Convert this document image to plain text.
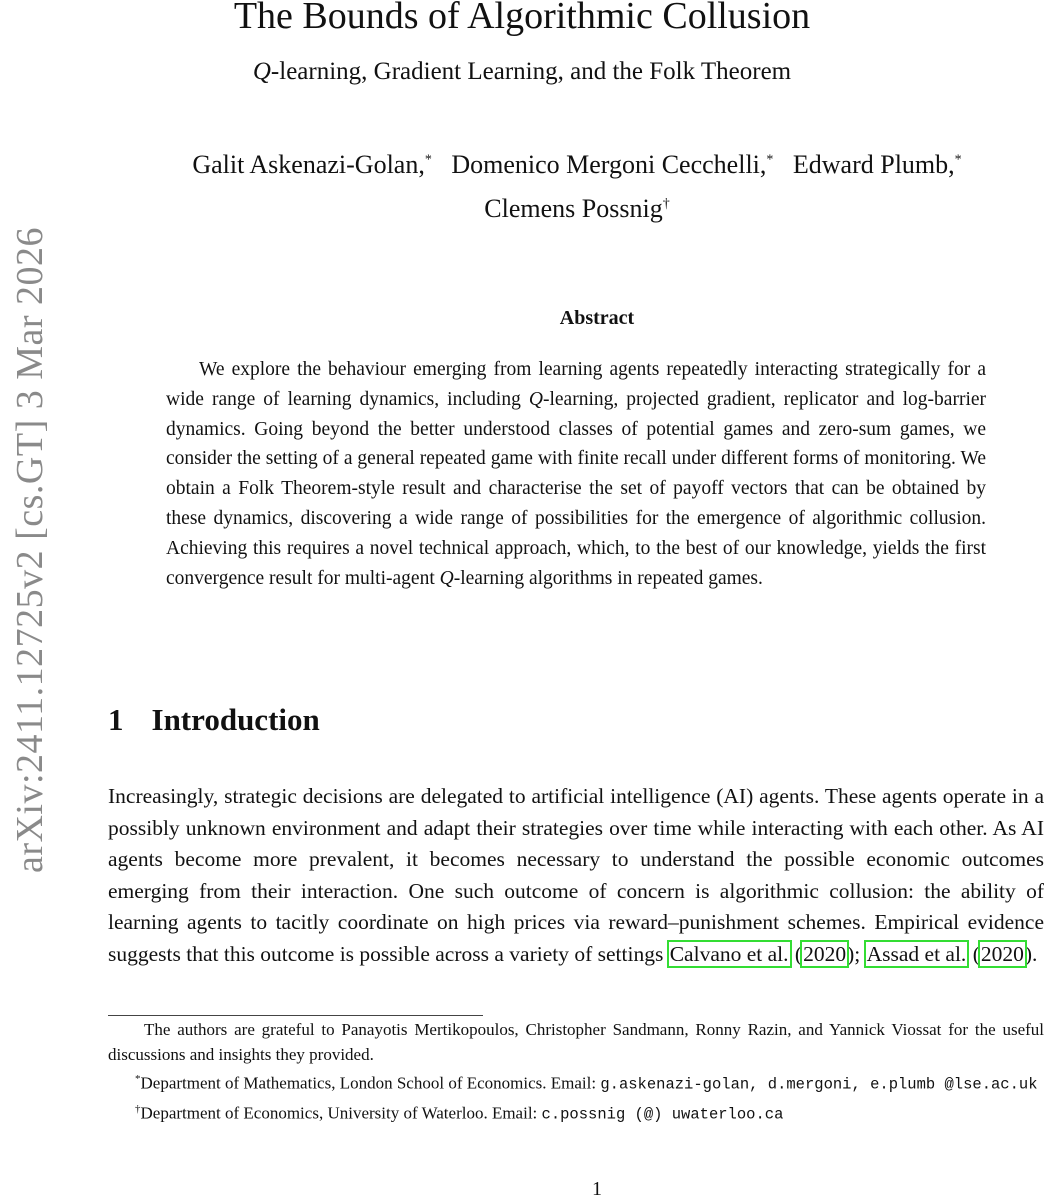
arXiv:2411.12725v2 [cs.GT] 3 Mar 2026
The Bounds of Algorithmic Collusion
Q-learning, Gradient Learning, and the Folk Theorem
Galit Askenazi-Golan,* Domenico Mergoni Cecchelli,* Edward Plumb,*
Clemens Possnig†
Abstract

We explore the behaviour emerging from learning agents repeatedly interacting strategically for a wide range of learning dynamics, including Q-learning, projected gradient, replicator and log-barrier dynamics. Going beyond the better understood classes of potential games and zero-sum games, we consider the setting of a general repeated game with finite recall under different forms of monitoring. We obtain a Folk Theorem-style result and characterise the set of payoff vectors that can be obtained by these dynamics, discovering a wide range of possibilities for the emergence of algorithmic collusion. Achieving this requires a novel technical approach, which, to the best of our knowledge, yields the first convergence result for multi-agent Q-learning algorithms in repeated games.

1 Introduction

Increasingly, strategic decisions are delegated to artificial intelligence (AI) agents. These agents operate in a possibly unknown environment and adapt their strategies over time while interacting with each other. As AI agents become more prevalent, it becomes necessary to understand the possible economic outcomes emerging from their interaction. One such outcome of concern is algorithmic collusion: the ability of learning agents to tacitly coordinate on high prices via reward–punishment schemes. Empirical evidence suggests that this outcome is possible across a variety of settings Calvano et al. (2020); Assad et al. (2020).

The authors are grateful to Panayotis Mertikopoulos, Christopher Sandmann, Ronny Razin, and Yannick Viossat for the useful discussions and insights they provided.

*Department of Mathematics, London School of Economics. Email: g.askenazi-golan, d.mergoni, e.plumb @lse.ac.uk

†Department of Economics, University of Waterloo. Email: c.possnig (@) uwaterloo.ca

1
